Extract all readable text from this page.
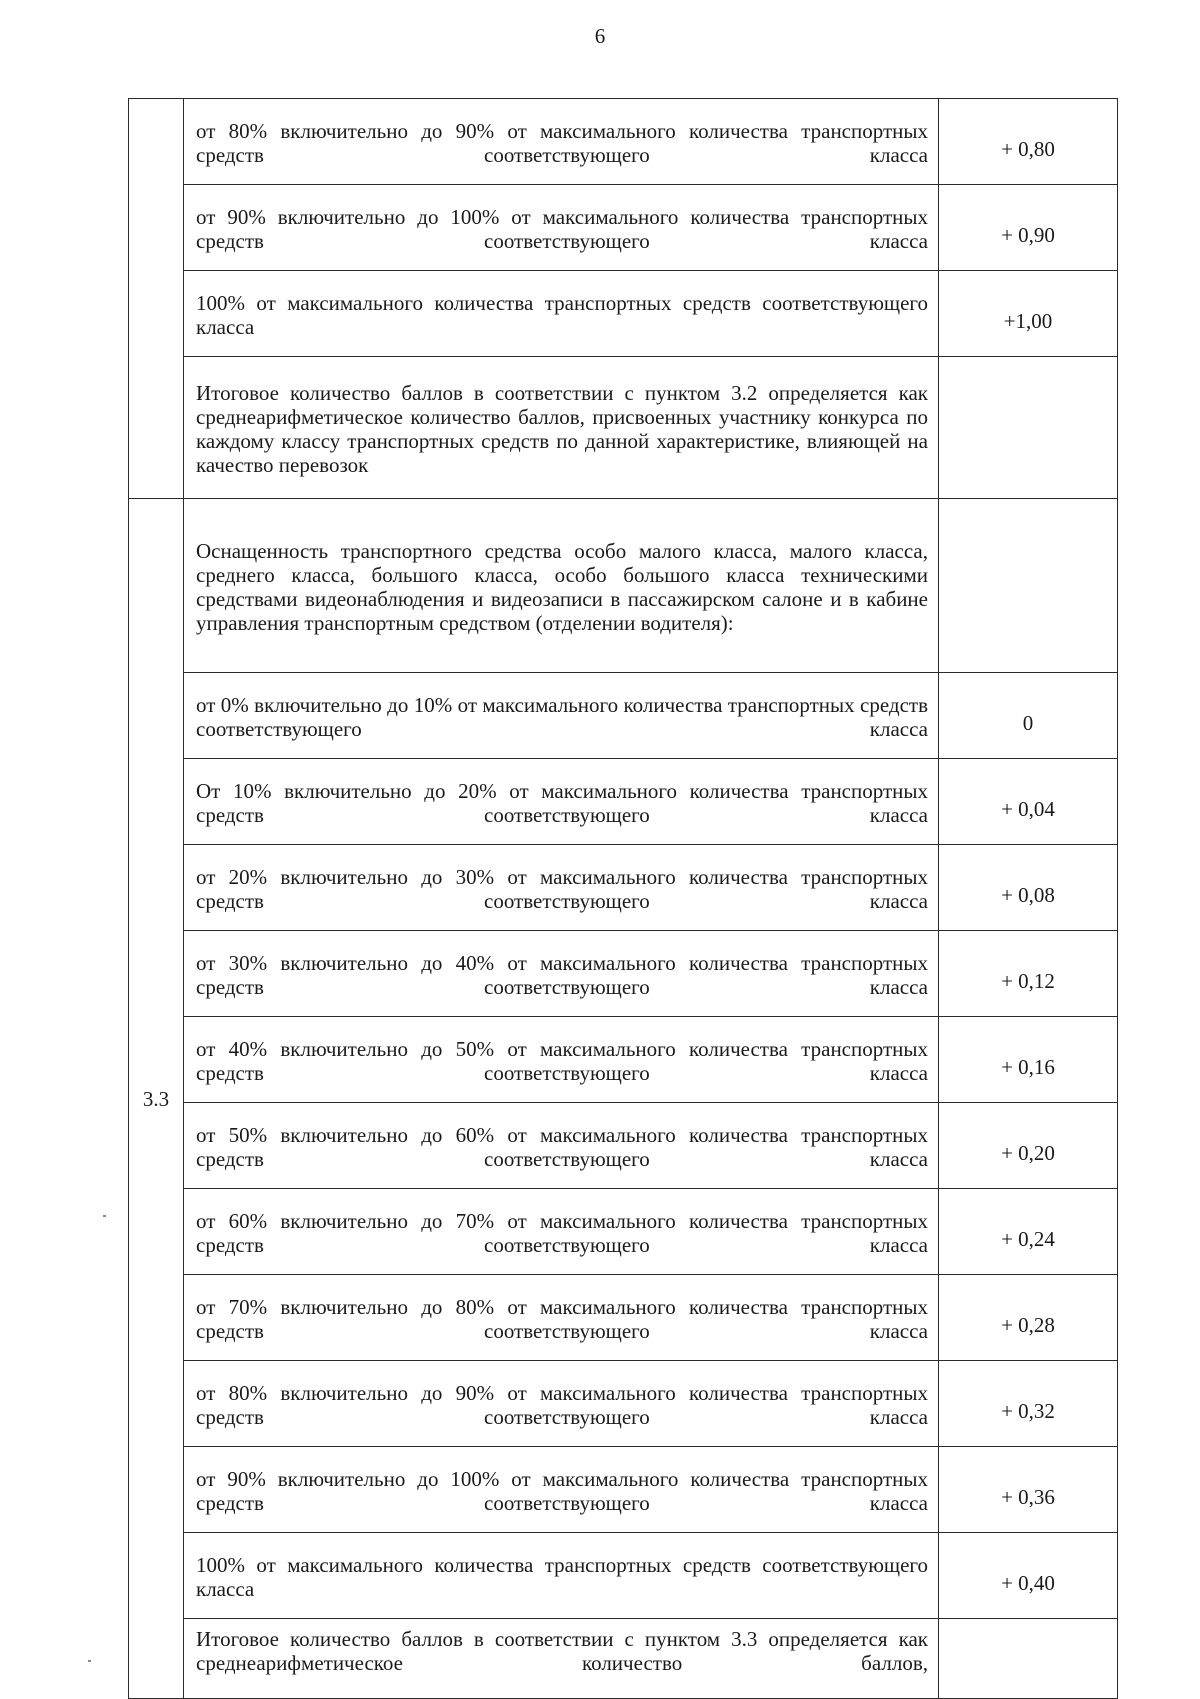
6
	от 80% включительно до 90% от максимального количества транспортных средств соответствующего класса	+ 0,80
	от 90% включительно до 100% от максимального количества транспортных средств соответствующего класса	+ 0,90
	100% от максимального количества транспортных средств соответствующего класса	+1,00
	Итоговое количество баллов в соответствии с пунктом 3.2 определяется как среднеарифметическое количество баллов, присвоенных участнику конкурса по каждому классу транспортных средств по данной характеристике, влияющей на качество перевозок	
3.3	Оснащенность транспортного средства особо малого класса, малого класса, среднего класса, большого класса, особо большого класса техническими средствами видеонаблюдения и видеозаписи в пассажирском салоне и в кабине управления транспортным средством (отделении водителя):	
	от 0% включительно до 10% от максимального количества транспортных средств соответствующего класса	0
	От 10% включительно до 20% от максимального количества транспортных средств соответствующего класса	+ 0,04
	от 20% включительно до 30% от максимального количества транспортных средств соответствующего класса	+ 0,08
	от 30% включительно до 40% от максимального количества транспортных средств соответствующего класса	+ 0,12
	от 40% включительно до 50% от максимального количества транспортных средств соответствующего класса	+ 0,16
	от 50% включительно до 60% от максимального количества транспортных средств соответствующего класса	+ 0,20
	от 60% включительно до 70% от максимального количества транспортных средств соответствующего класса	+ 0,24
	от 70% включительно до 80% от максимального количества транспортных средств соответствующего класса	+ 0,28
	от 80% включительно до 90% от максимального количества транспортных средств соответствующего класса	+ 0,32
	от 90% включительно до 100% от максимального количества транспортных средств соответствующего класса	+ 0,36
	100% от максимального количества транспортных средств соответствующего класса	+ 0,40
	Итоговое количество баллов в соответствии с пунктом 3.3 определяется как среднеарифметическое количество баллов,	
